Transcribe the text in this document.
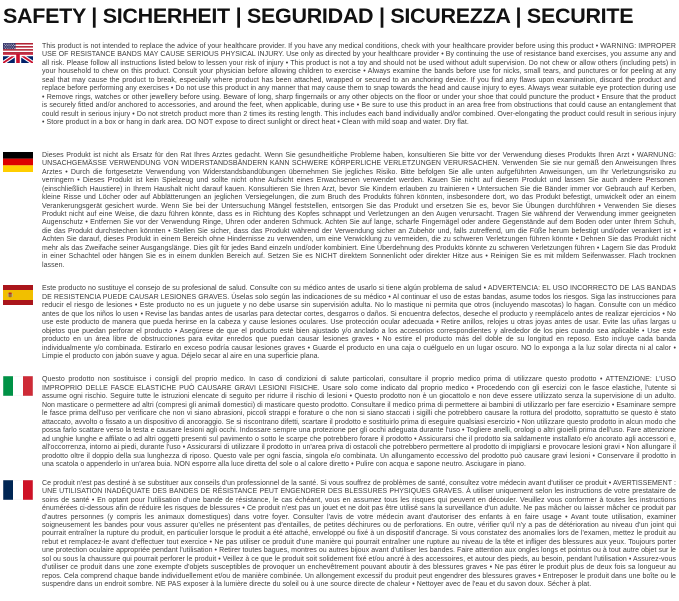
SAFETY | SICHERHEIT | SEGURIDAD | SICUREZZA | SECURITE

This product is not intended to replace the advice of your healthcare provider. If you have any medical conditions, check with your healthcare provider before using this product • WARNING: IMPROPER USE OF RESISTANCE BANDS MAY CAUSE SERIOUS PHYSICAL INJURY. Use only as directed by your healthcare provider • By continuing the use of resistance band exercises, you assume any and all risk. Please follow all instructions listed below to lessen your risk of injury • This product is not a toy and should not be used without adult supervision. Do not chew or allow others (including pets) in your household to chew on this product. Consult your physician before allowing children to exercise • Always examine the bands before use for nicks, small tears, and punctures or for peeling at any seal that may cause the product to break, especially where product has been attached, wrapped or secured to an anchoring device. If you find any flaws upon examination, discard the product and replace before performing any exercises • Do not use this product in any manner that may cause them to snap towards the head and cause injury to eyes. Always wear suitable eye protection during use • Remove rings, watches or other jewellery before using. Beware of long, sharp fingernails or any other objects on the floor or under your shoe that could puncture the product • Ensure that the product is securely fitted and/or anchored to accessories, and around the feet, when applicable, during use • Be sure to use this product in an area free from obstructions that could cause an entanglement that could result in serious injury • Do not stretch product more than 2 times its resting length. This includes each band individually and/or combined. Over-elongating the product could result in serious injury • Store product in a box or hang in dark area. DO NOT expose to direct sunlight or direct heat • Clean with mild soap and water. Dry flat.

Dieses Produkt ist nicht als Ersatz für den Rat Ihres Arztes gedacht. Wenn Sie gesundheitliche Probleme haben, konsultieren Sie bitte vor der Verwendung dieses Produkts Ihren Arzt • WARNUNG: UNSACHGEMÄSSE VERWENDUNG VON WIDERSTANDSBÄNDERN KANN SCHWERE KÖRPERLICHE VERLETZUNGEN VERURSACHEN. Verwenden Sie sie nur gemäß den Anweisungen Ihres Arztes • Durch die fortgesetzte Verwendung von Widerstandsbandübungen übernehmen Sie jegliches Risiko. Bitte befolgen Sie alle unten aufgeführten Anweisungen, um Ihr Verletzungsrisiko zu verringern • Dieses Produkt ist kein Spielzeug und sollte nicht ohne Aufsicht eines Erwachsenen verwendet werden. Kauen Sie nicht auf diesem Produkt und lassen Sie auch andere Personen (einschließlich Haustiere) in Ihrem Haushalt nicht darauf kauen. Konsultieren Sie Ihren Arzt, bevor Sie Kindern erlauben zu trainieren • Untersuchen Sie die Bänder immer vor Gebrauch auf Kerben, kleine Risse und Löcher oder auf Abblätterungen an jeglichen Versiegelungen, die zum Bruch des Produkts führen könnten, insbesondere dort, wo das Produkt befestigt, umwickelt oder an einem Verankerungsgerät gesichert wurde. Wenn Sie bei der Untersuchung Mängel feststellen, entsorgen Sie das Produkt und ersetzen Sie es, bevor Sie Übungen durchführen • Verwenden Sie dieses Produkt nicht auf eine Weise, die dazu führen könnte, dass es in Richtung des Kopfes schnappt und Verletzungen an den Augen verursacht. Tragen Sie während der Verwendung immer geeigneten Augenschutz • Entfernen Sie vor der Verwendung Ringe, Uhren oder anderen Schmuck. Achten Sie auf lange, scharfe Fingernägel oder andere Gegenstände auf dem Boden oder unter Ihrem Schuh, die das Produkt durchstechen könnten • Stellen Sie sicher, dass das Produkt während der Verwendung sicher an Zubehör und, falls zutreffend, um die Füße herum befestigt und/oder verankert ist • Achten Sie darauf, dieses Produkt in einem Bereich ohne Hindernisse zu verwenden, um eine Verwicklung zu vermeiden, die zu schweren Verletzungen führen könnte • Dehnen Sie das Produkt nicht mehr als das Zweifache seiner Ausgangslänge. Dies gilt für jedes Band einzeln und/oder kombiniert. Eine Überdehnung des Produkts könnte zu schweren Verletzungen führen • Lagern Sie das Produkt in einer Schachtel oder hängen Sie es in einem dunklen Bereich auf. Setzen Sie es NICHT direktem Sonnenlicht oder direkter Hitze aus • Reinigen Sie es mit mildem Seifenwasser. Flach trocknen lassen.

Este producto no sustituye el consejo de su profesional de salud. Consulte con su médico antes de usarlo si tiene algún problema de salud • ADVERTENCIA: EL USO INCORRECTO DE LAS BANDAS DE RESISTENCIA PUEDE CAUSAR LESIONES GRAVES. Úselas solo según las indicaciones de su médico • Al continuar el uso de estas bandas, asume todos los riesgos. Siga las instrucciones para reducir el riesgo de lesiones • Este producto no es un juguete y no debe usarse sin supervisión adulta. No lo mastique ni permita que otros (incluyendo mascotas) lo hagan. Consulte con un médico antes de que los niños lo usen • Revise las bandas antes de usarlas para detectar cortes, desgarros o daños. Si encuentra defectos, deseche el producto y reemplácelo antes de realizar ejercicios • No use este producto de manera que pueda herirse en la cabeza y cause lesiones oculares. Use protección ocular adecuada • Retire anillos, relojes u otras joyas antes de usar. Evite las uñas largas u objetos que puedan perforar el producto • Asegúrese de que el producto esté bien ajustado y/o anclado a los accesorios correspondientes y alrededor de los pies cuando sea aplicable • Use este producto en un área libre de obstrucciones para evitar enredos que puedan causar lesiones graves • No estire el producto más del doble de su longitud en reposo. Esto incluye cada banda individualmente y/o combinada. Estirarlo en exceso podría causar lesiones graves • Guarde el producto en una caja o cuélguelo en un lugar oscuro. NO lo exponga a la luz solar directa ni al calor • Limpie el producto con jabón suave y agua. Déjelo secar al aire en una superficie plana.

Questo prodotto non sostituisce i consigli del proprio medico. In caso di condizioni di salute particolari, consultare il proprio medico prima di utilizzare questo prodotto • ATTENZIONE: L'USO IMPROPRIO DELLE FASCE ELASTICHE PUÒ CAUSARE GRAVI LESIONI FISICHE. Usare solo come indicato dal proprio medico • Procedendo con gli esercizi con le fasce elastiche, l'utente si assume ogni rischio. Seguire tutte le istruzioni elencate di seguito per ridurre il rischio di lesioni • Questo prodotto non è un giocattolo e non deve essere utilizzato senza la supervisione di un adulto. Non masticare o permettere ad altri (compresi gli animali domestici) di masticare questo prodotto. Consultare il medico prima di permettere ai bambini di utilizzarlo per fare esercizio • Esaminare sempre le fasce prima dell'uso per verificare che non vi siano abrasioni, piccoli strappi e forature o che non si siano staccati i sigilli che potrebbero causare la rottura del prodotto, soprattutto se questo è stato attaccato, avvolto o fissato a un dispositivo di ancoraggio. Se si riscontrano difetti, scartare il prodotto e sostituirlo prima di eseguire qualsiasi esercizio • Non utilizzare questo prodotto in alcun modo che possa farlo scattare verso la testa e causare lesioni agli occhi. Indossare sempre una protezione per gli occhi adeguata durante l'uso • Togliere anelli, orologi o altri gioielli prima dell'uso. Fare attenzione ad unghie lunghe e affilate o ad altri oggetti presenti sul pavimento o sotto le scarpe che potrebbero forare il prodotto • Assicurarsi che il prodotto sia saldamente installato e/o ancorato agli accessori e, all'occorrenza, intorno ai piedi, durante l'uso • Assicurarsi di utilizzare il prodotto in un'area priva di ostacoli che potrebbero permettere al prodotto di impigliarsi e provocare lesioni gravi • Non allungare il prodotto oltre il doppio della sua lunghezza di riposo. Questo vale per ogni fascia, singola e/o combinata. Un allungamento eccessivo del prodotto può causare gravi lesioni • Conservare il prodotto in una scatola o appenderlo in un'area buia. NON esporre alla luce diretta del sole o al calore diretto • Pulire con acqua e sapone neutro. Asciugare in piano.

Ce produit n'est pas destiné à se substituer aux conseils d'un professionnel de la santé. Si vous souffrez de problèmes de santé, consultez votre médecin avant d'utiliser ce produit • AVERTISSEMENT : UNE UTILISATION INADÉQUATE DES BANDES DE RÉSISTANCE PEUT ENGENDRER DES BLESSURES PHYSIQUES GRAVES. À utiliser uniquement selon les instructions de votre prestataire de soins de santé • En optant pour l'utilisation d'une bande de résistance, le cas échéant, vous en assumez tous les risques qui peuvent en découler. Veuillez vous conformer à toutes les instructions énumérées ci-dessous afin de réduire les risques de blessures • Ce produit n'est pas un jouet et ne doit pas être utilisé sans la surveillance d'un adulte. Ne pas mâcher ou laisser mâcher ce produit par d'autres personnes (y compris les animaux domestiques) dans votre foyer. Consulter l'avis de votre médecin avant d'autoriser des enfants à en faire usage • Avant toute utilisation, examiner soigneusement les bandes pour vous assurer qu'elles ne présentent pas d'entailles, de petites déchirures ou de perforations. En outre, vérifier qu'il n'y a pas de détérioration au niveau d'un joint qui pourrait entraîner la rupture du produit, en particulier lorsque le produit a été attaché, enveloppé ou fixé à un dispositif d'ancrage. Si vous constatez des anomalies lors de l'examen, mettez le produit au rebut et remplacez-le avant d'effectuer tout exercice • Ne pas utiliser ce produit d'une manière qui pourrait entraîner une rupture au niveau de la tête et infliger des blessures aux yeux. Toujours porter une protection oculaire appropriée pendant l'utilisation • Retirer toutes bagues, montres ou autres bijoux avant d'utiliser les bandes. Faire attention aux ongles longs et pointus ou à tout autre objet sur le sol ou sous la chaussure qui pourrait perforer le produit • Veillez à ce que le produit soit solidement fixé et/ou ancré à des accessoires, et autour des pieds, au besoin, pendant l'utilisation • Assurez-vous d'utiliser ce produit dans une zone exempte d'objets susceptibles de provoquer un enchevêtrement pouvant aboutir à des blessures graves • Ne pas étirer le produit plus de deux fois sa longueur au repos. Cela comprend chaque bande individuellement et/ou de manière combinée. Un allongement excessif du produit peut engendrer des blessures graves • Entreposer le produit dans une boîte ou le suspendre dans un endroit sombre. NE PAS exposer à la lumière directe du soleil ou à une source directe de chaleur • Nettoyer avec de l'eau et du savon doux. Sécher à plat.
